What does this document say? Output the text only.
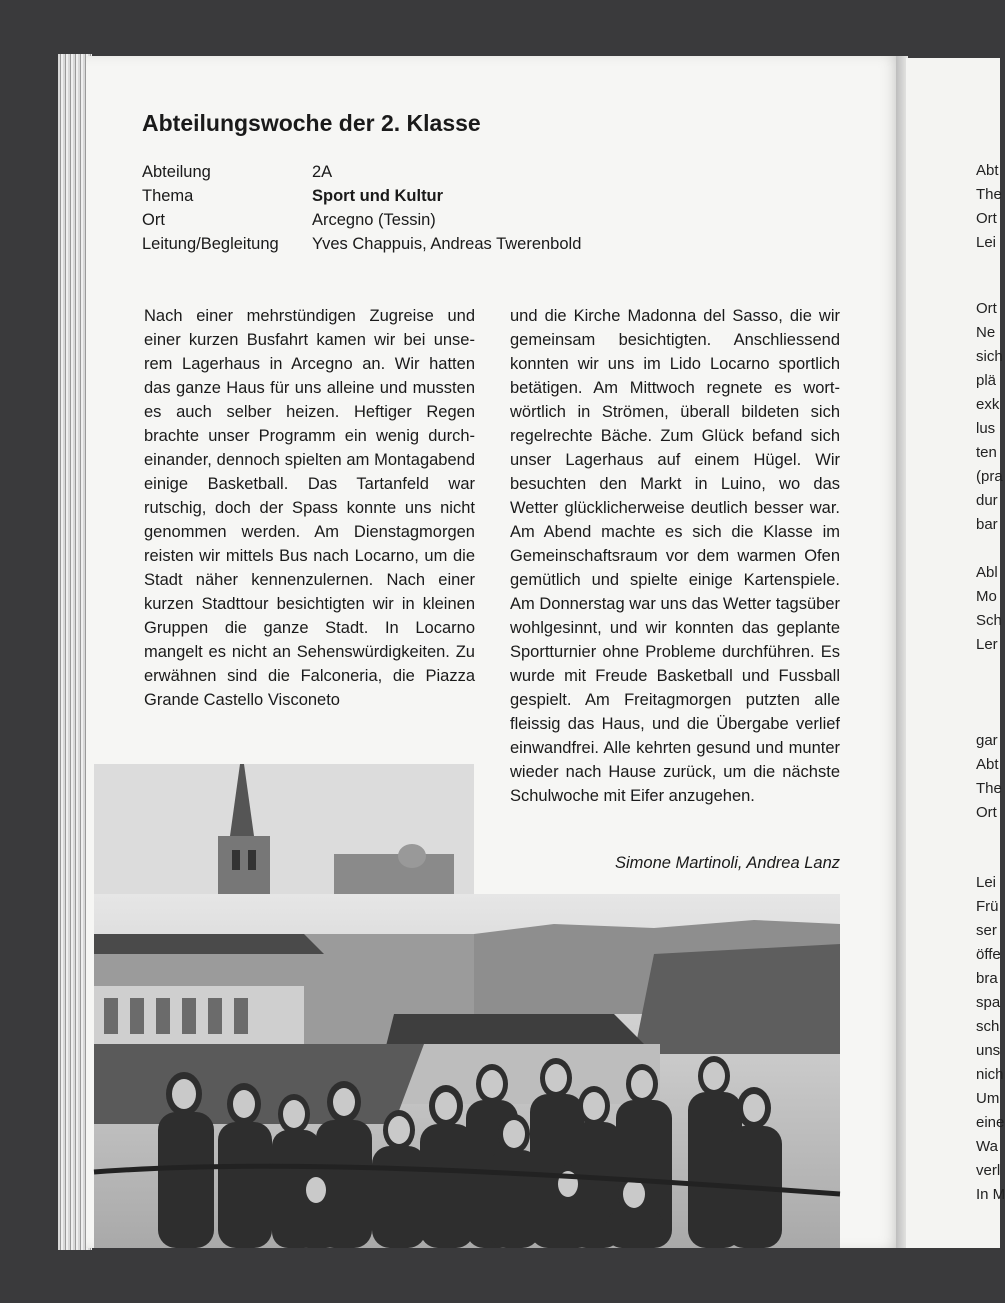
Abteilungswoche der 2. Klasse
Abteilung	2A
Thema	Sport und Kultur
Ort	Arcegno (Tessin)
Leitung/Begleitung	Yves Chappuis, Andreas Twerenbold
Nach einer mehrstündigen Zugreise und einer kurzen Busfahrt kamen wir bei unserem Lagerhaus in Arcegno an. Wir hatten das ganze Haus für uns alleine und mussten es auch selber heizen. Heftiger Regen brachte unser Programm ein wenig durcheinander, dennoch spielten am Montagabend einige Basketball. Das Tartanfeld war rutschig, doch der Spass konnte uns nicht genommen werden. Am Dienstagmorgen reisten wir mittels Bus nach Locarno, um die Stadt näher kennenzulernen. Nach einer kurzen Stadttour besichtigten wir in kleinen Gruppen die ganze Stadt. In Locarno mangelt es nicht an Sehenswürdigkeiten. Zu erwähnen sind die Falconeria, die Piazza Grande Castello Visconeto
und die Kirche Madonna del Sasso, die wir gemeinsam besichtigten. Anschliessend konnten wir uns im Lido Locarno sportlich betätigen. Am Mittwoch regnete es wortwörtlich in Strömen, überall bildeten sich regelrechte Bäche. Zum Glück befand sich unser Lagerhaus auf einem Hügel. Wir besuchten den Markt in Luino, wo das Wetter glücklicherweise deutlich besser war. Am Abend machte es sich die Klasse im Gemeinschaftsraum vor dem warmen Ofen gemütlich und spielte einige Kartenspiele. Am Donnerstag war uns das Wetter tagsüber wohlgesinnt, und wir konnten das geplante Sportturnier ohne Probleme durchführen. Es wurde mit Freude Basketball und Fussball gespielt. Am Freitagmorgen putzten alle fleissig das Haus, und die Übergabe verlief einwandfrei. Alle kehrten gesund und munter wieder nach Hause zurück, um die nächste Schulwoche mit Eifer anzugehen.
Simone Martinoli, Andrea Lanz
Abt
The
Ort
Lei
Ort
Ne
sich
plä
exk
lus
ten
(pra
dur
bar
Abl
Mo
Sch
Ler
gar
Abt
The
Ort
Lei
Frü
ser
öffe
bra
spa
sch
uns
nich
Um
eine
Wa
verl
In M
